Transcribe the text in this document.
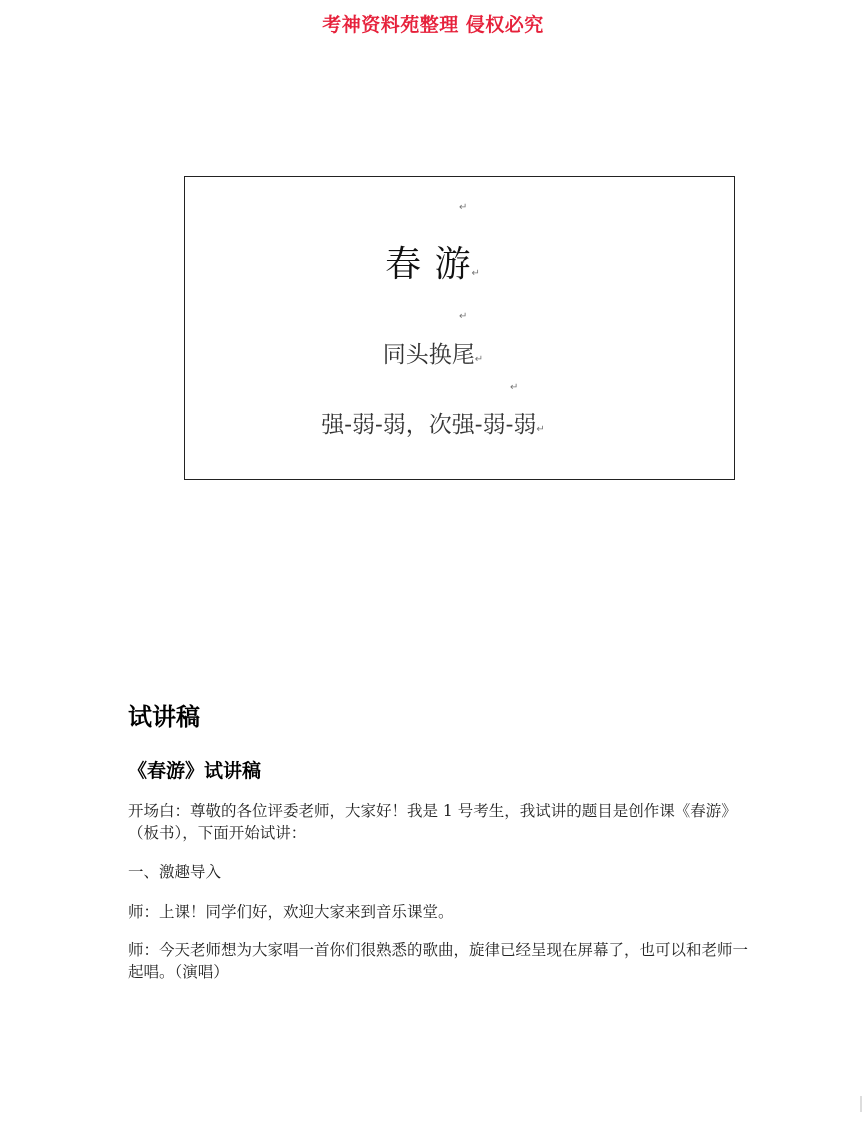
考神资料苑整理 侵权必究
↵
春 游↵
↵
同头换尾↵
↵
强-弱-弱，次强-弱-弱↵
试讲稿
《春游》试讲稿

开场白：尊敬的各位评委老师，大家好！我是 1 号考生，我试讲的题目是创作课《春游》（板书），下面开始试讲：

一、激趣导入

师：上课！同学们好，欢迎大家来到音乐课堂。

师：今天老师想为大家唱一首你们很熟悉的歌曲，旋律已经呈现在屏幕了，也可以和老师一起唱。（演唱）
